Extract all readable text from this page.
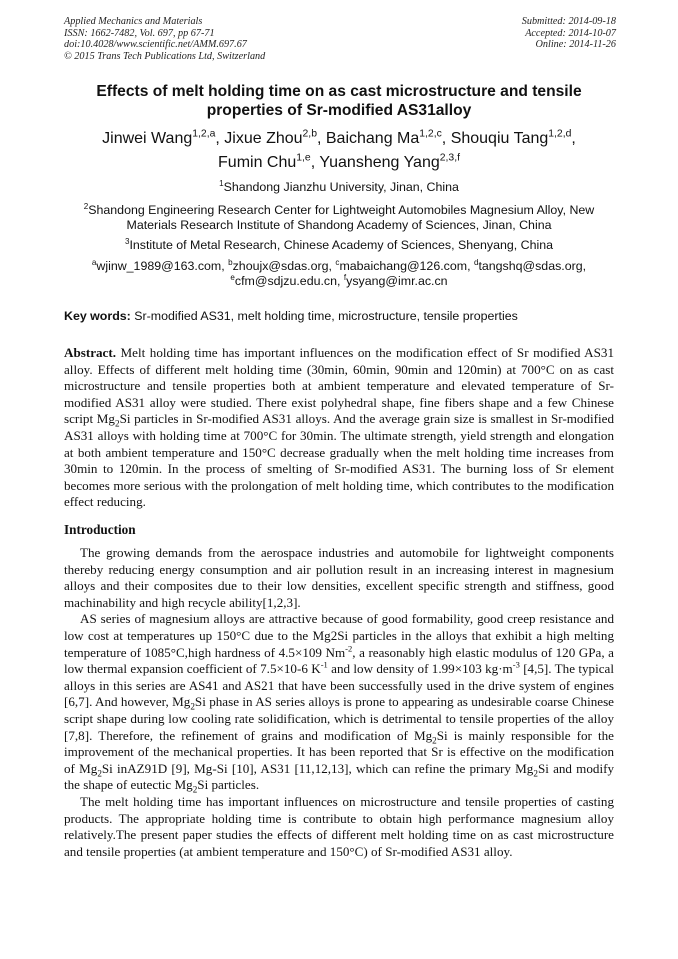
Applied Mechanics and Materials
ISSN: 1662-7482, Vol. 697, pp 67-71
doi:10.4028/www.scientific.net/AMM.697.67
© 2015 Trans Tech Publications Ltd, Switzerland
Submitted: 2014-09-18
Accepted: 2014-10-07
Online: 2014-11-26
Effects of melt holding time on as cast microstructure and tensile properties of Sr-modified AS31alloy
Jinwei Wang$^{1,2,a}$, Jixue Zhou$^{2,b}$, Baichang Ma$^{1,2,c}$, Shouqiu Tang$^{1,2,d}$,
Fumin Chu$^{1,e}$, Yuansheng Yang$^{2,3,f}$
$^1$Shandong Jianzhu University, Jinan, China
$^2$Shandong Engineering Research Center for Lightweight Automobiles Magnesium Alloy, New Materials Research Institute of Shandong Academy of Sciences, Jinan, China
$^3$Institute of Metal Research, Chinese Academy of Sciences, Shenyang, China
$^a$wjinw_1989@163.com, $^b$zhoujx@sdas.org, $^c$mabaichang@126.com, $^d$tangshq@sdas.org,
$^e$cfm@sdjzu.edu.cn, $^f$ysyang@imr.ac.cn
Key words: Sr-modified AS31, melt holding time, microstructure, tensile properties
Abstract. Melt holding time has important influences on the modification effect of Sr modified AS31 alloy. Effects of different melt holding time (30min, 60min, 90min and 120min) at 700°C on as cast microstructure and tensile properties both at ambient temperature and elevated temperature of Sr-modified AS31 alloy were studied. There exist polyhedral shape, fine fibers shape and a few Chinese script $Mg_2Si$ particles in Sr-modified AS31 alloys. And the average grain size is smallest in Sr-modified AS31 alloys with holding time at 700°C for 30min. The ultimate strength, yield strength and elongation at both ambient temperature and 150°C decrease gradually when the melt holding time increases from 30min to 120min. In the process of smelting of Sr-modified AS31. The burning loss of Sr element becomes more serious with the prolongation of melt holding time, which contributes to the modification effect reducing.
Introduction

The growing demands from the aerospace industries and automobile for lightweight components thereby reducing energy consumption and air pollution result in an increasing interest in magnesium alloys and their composites due to their low densities, excellent specific strength and stiffness, good machinability and high recycle ability[1,2,3].

AS series of magnesium alloys are attractive because of good formability, good creep resistance and low cost at temperatures up 150°C due to the Mg2Si particles in the alloys that exhibit a high melting temperature of 1085°C,high hardness of 4.5×109 $Nm^{-2}$, a reasonably high elastic modulus of 120 GPa, a low thermal expansion coefficient of 7.5×10-6 $K^{-1}$ and low density of 1.99×103 $kg\cdot m^{-3}$ [4,5]. The typical alloys in this series are AS41 and AS21 that have been successfully used in the drive system of engines [6,7]. And however, $Mg_2Si$ phase in AS series alloys is prone to appearing as undesirable coarse Chinese script shape during low cooling rate solidification, which is detrimental to tensile properties of the alloy [7,8]. Therefore, the refinement of grains and modification of $Mg_2Si$ is mainly responsible for the improvement of the mechanical properties. It has been reported that Sr is effective on the modification of $Mg_2Si$ inAZ91D [9], Mg-Si [10], AS31 [11,12,13], which can refine the primary $Mg_2Si$ and modify the shape of eutectic $Mg_2Si$ particles.

The melt holding time has important influences on microstructure and tensile properties of casting products. The appropriate holding time is contribute to obtain high performance magnesium alloy relatively.The present paper studies the effects of different melt holding time on as cast microstructure and tensile properties (at ambient temperature and 150°C) of Sr-modified AS31 alloy.
